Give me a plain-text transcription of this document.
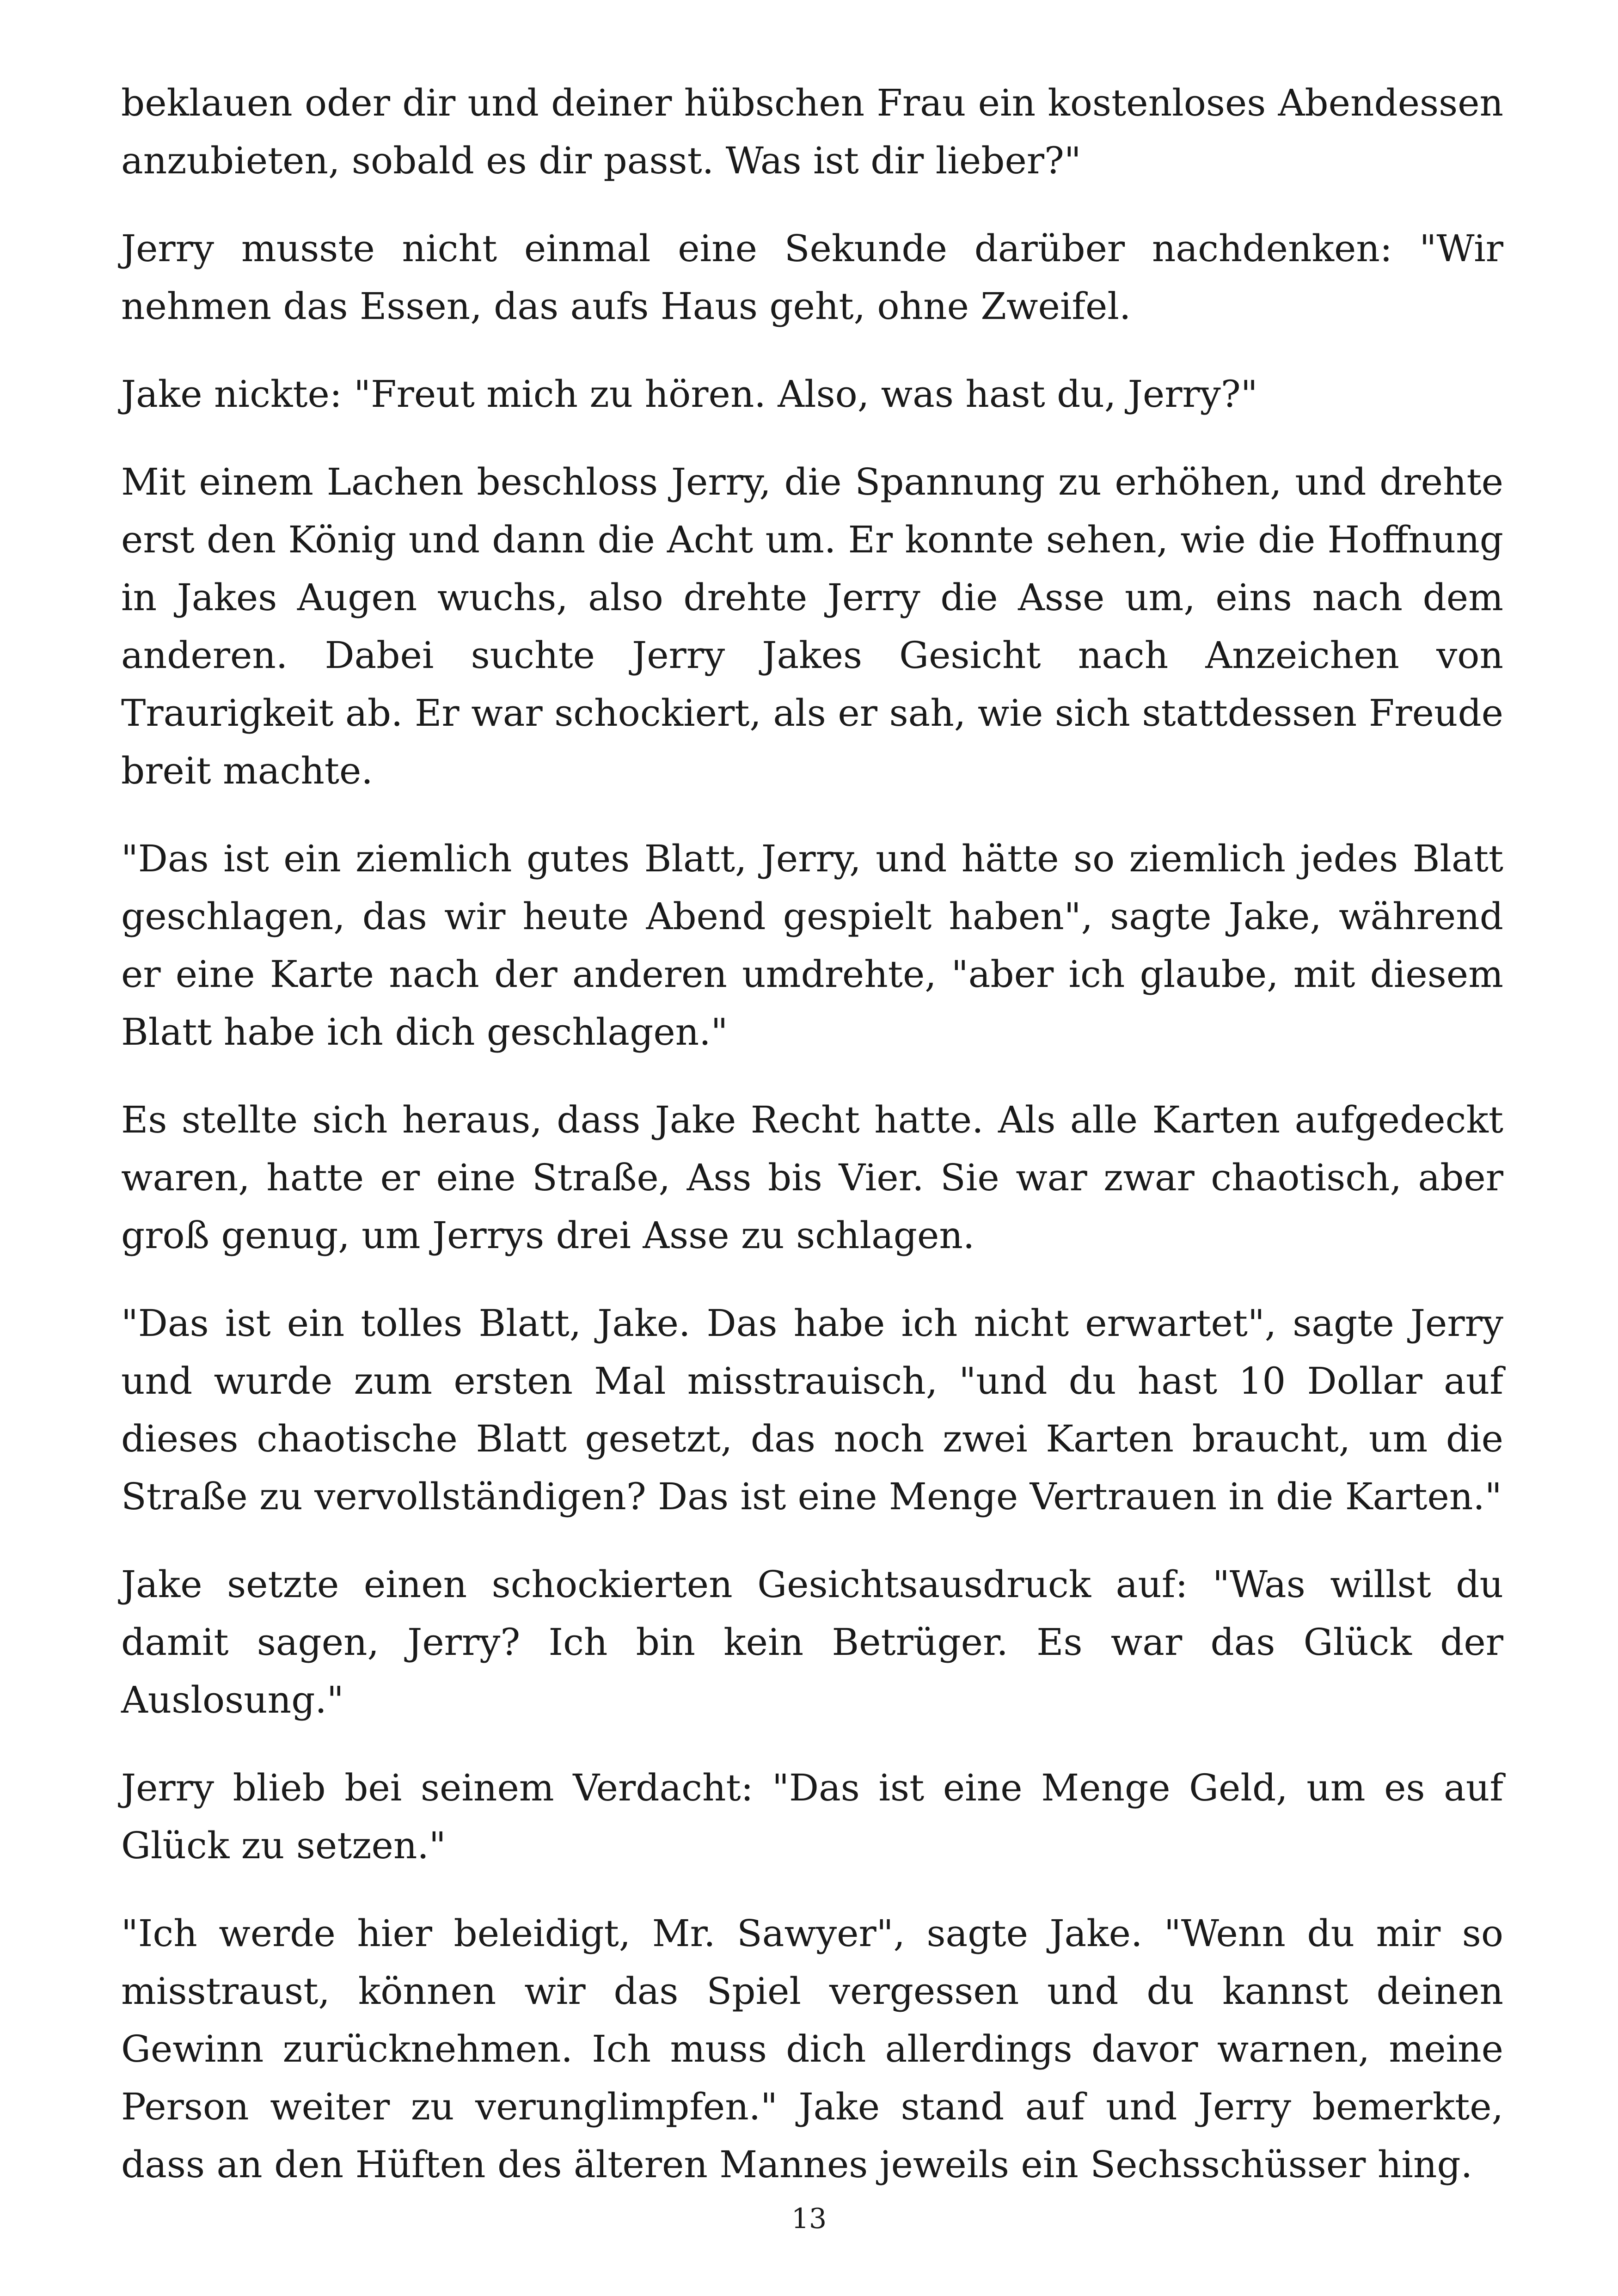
beklauen oder dir und deiner hübschen Frau ein kostenloses Abendessen anzubieten, sobald es dir passt. Was ist dir lieber?"

Jerry musste nicht einmal eine Sekunde darüber nachdenken: "Wir nehmen das Essen, das aufs Haus geht, ohne Zweifel.

Jake nickte: "Freut mich zu hören. Also, was hast du, Jerry?"

Mit einem Lachen beschloss Jerry, die Spannung zu erhöhen, und drehte erst den König und dann die Acht um. Er konnte sehen, wie die Hoffnung in Jakes Augen wuchs, also drehte Jerry die Asse um, eins nach dem anderen. Dabei suchte Jerry Jakes Gesicht nach Anzeichen von Traurigkeit ab. Er war schockiert, als er sah, wie sich stattdessen Freude breit machte.

"Das ist ein ziemlich gutes Blatt, Jerry, und hätte so ziemlich jedes Blatt geschlagen, das wir heute Abend gespielt haben", sagte Jake, während er eine Karte nach der anderen umdrehte, "aber ich glaube, mit diesem Blatt habe ich dich geschlagen."

Es stellte sich heraus, dass Jake Recht hatte. Als alle Karten aufgedeckt waren, hatte er eine Straße, Ass bis Vier. Sie war zwar chaotisch, aber groß genug, um Jerrys drei Asse zu schlagen.

"Das ist ein tolles Blatt, Jake. Das habe ich nicht erwartet", sagte Jerry und wurde zum ersten Mal misstrauisch, "und du hast 10 Dollar auf dieses chaotische Blatt gesetzt, das noch zwei Karten braucht, um die Straße zu vervollständigen? Das ist eine Menge Vertrauen in die Karten."

Jake setzte einen schockierten Gesichtsausdruck auf: "Was willst du damit sagen, Jerry? Ich bin kein Betrüger. Es war das Glück der Auslosung."

Jerry blieb bei seinem Verdacht: "Das ist eine Menge Geld, um es auf Glück zu setzen."

"Ich werde hier beleidigt, Mr. Sawyer", sagte Jake. "Wenn du mir so misstraust, können wir das Spiel vergessen und du kannst deinen Gewinn zurücknehmen. Ich muss dich allerdings davor warnen, meine Person weiter zu verunglimpfen." Jake stand auf und Jerry bemerkte, dass an den Hüften des älteren Mannes jeweils ein Sechsschüsser hing.

13
